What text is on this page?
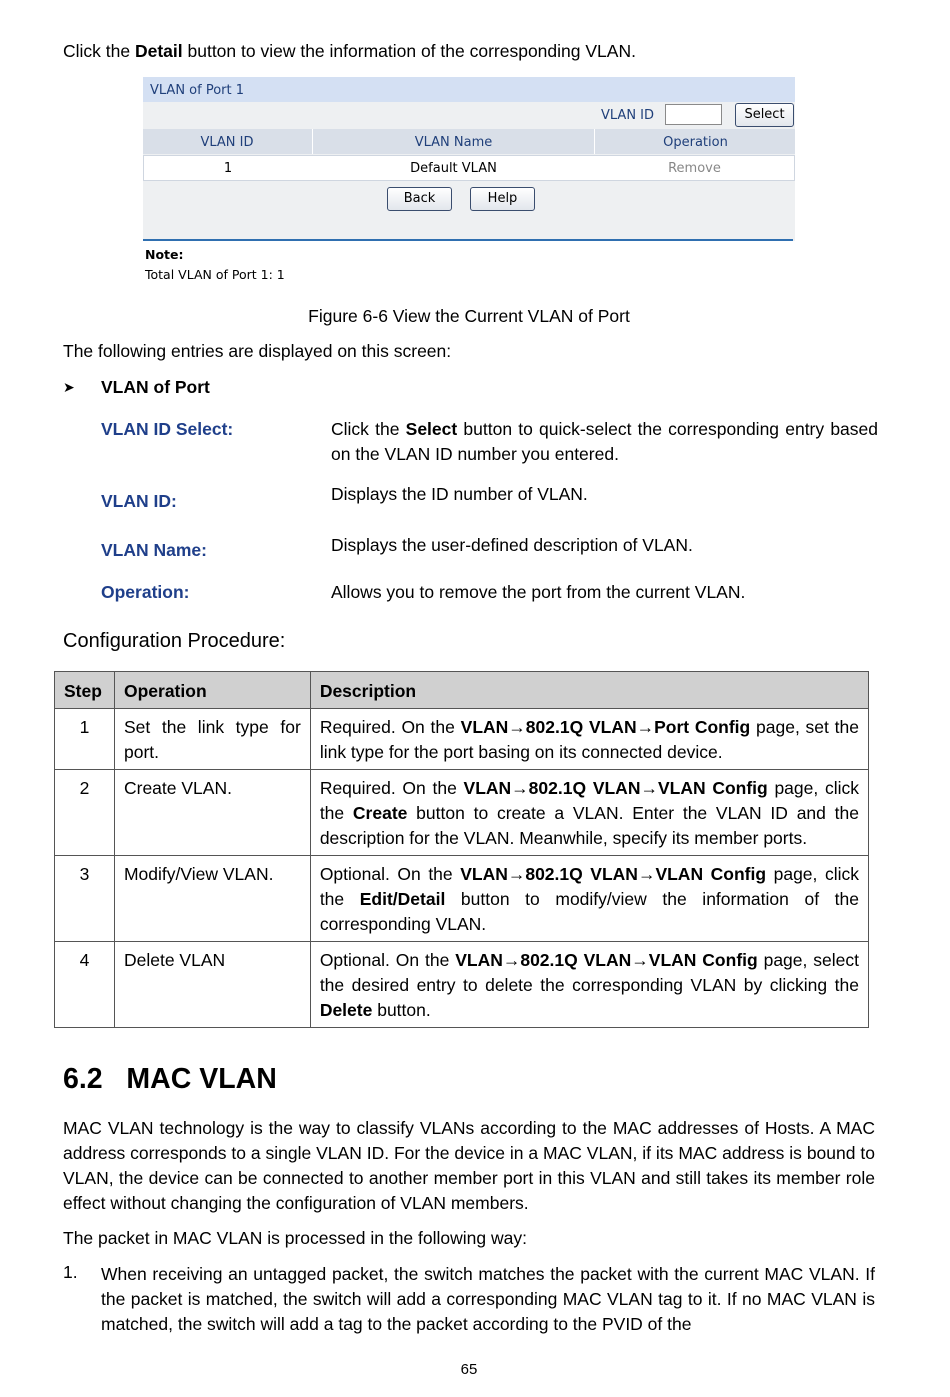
Click the Detail button to view the information of the corresponding VLAN.

VLAN of Port 1
VLAN ID	Select
VLAN ID	VLAN Name	Operation
1	Default VLAN	Remove
Back	Help
Note:
Total VLAN of Port 1: 1

Figure 6-6 View the Current VLAN of Port

The following entries are displayed on this screen:

➤ VLAN of Port
VLAN ID Select:	Click the Select button to quick-select the corresponding entry based on the VLAN ID number you entered.

VLAN ID:	Displays the ID number of VLAN.

VLAN Name:	Displays the user-defined description of VLAN.

Operation:	Allows you to remove the port from the current VLAN.

Configuration Procedure:

Step	Operation	Description
1	Set the link type for port.	Required. On the VLAN→802.1Q VLAN→Port Config page, set the link type for the port basing on its connected device.
2	Create VLAN.	Required. On the VLAN→802.1Q VLAN→VLAN Config page, click the Create button to create a VLAN. Enter the VLAN ID and the description for the VLAN. Meanwhile, specify its member ports.
3	Modify/View VLAN.	Optional. On the VLAN→802.1Q VLAN→VLAN Config page, click the Edit/Detail button to modify/view the information of the corresponding VLAN.
4	Delete VLAN	Optional. On the VLAN→802.1Q VLAN→VLAN Config page, select the desired entry to delete the corresponding VLAN by clicking the Delete button.

6.2   MAC VLAN

MAC VLAN technology is the way to classify VLANs according to the MAC addresses of Hosts. A MAC address corresponds to a single VLAN ID. For the device in a MAC VLAN, if its MAC address is bound to VLAN, the device can be connected to another member port in this VLAN and still takes its member role effect without changing the configuration of VLAN members.

The packet in MAC VLAN is processed in the following way:

1. When receiving an untagged packet, the switch matches the packet with the current MAC VLAN. If the packet is matched, the switch will add a corresponding MAC VLAN tag to it. If no MAC VLAN is matched, the switch will add a tag to the packet according to the PVID of the

65
